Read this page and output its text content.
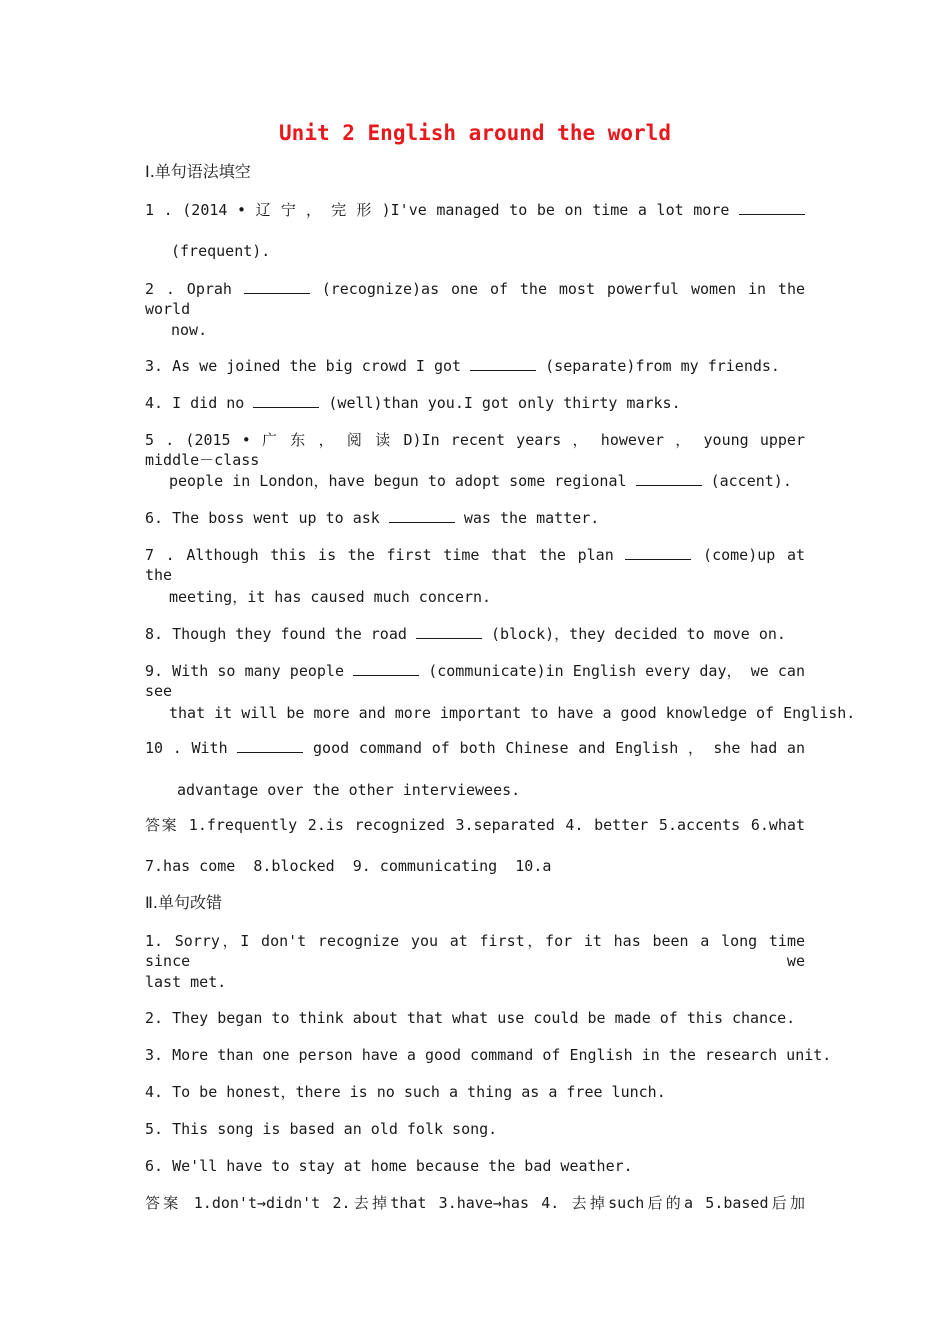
Unit 2 English around the world
Ⅰ.单句语法填空
1 . (2014 • 辽 宁 ， 完 形 )I've managed to be on time a lot more
(frequent).
2 . Oprah	(recognize)as one of the most powerful women in the world
now.
3. As we joined the big crowd I got	(separate)from my friends.
4. I did no	(well)than you.I got only thirty marks.
5 . (2015 • 广 东 ， 阅 读 D)In recent years ， however ， young upper middle－class
people in London，have begun to adopt some regional	(accent).
6. The boss went up to ask	was the matter.
7 . Although this is the first time that the plan	(come)up at the
meeting，it has caused much concern.
8. Though they found the road	(block)，they decided to move on.
9. With so many people	(communicate)in English every day， we can see
that it will be more and more important to have a good knowledge of English.
10 . With	good command of both Chinese and English ， she had an
advantage over the other interviewees.
答案 1.frequently 2.is recognized 3.separated 4. better 5.accents 6.what
7.has come  8.blocked  9. communicating  10.a
Ⅱ.单句改错
1. Sorry，I don't recognize you at first，for it has been a long time since we
last met.
2. They began to think about that what use could be made of this chance.
3. More than one person have a good command of English in the research unit.
4. To be honest，there is no such a thing as a free lunch.
5. This song is based an old folk song.
6. We'll have to stay at home because the bad weather.
答案 1.don't→didn't 2.去掉that 3.have→has 4. 去掉such后的a 5.based后加
